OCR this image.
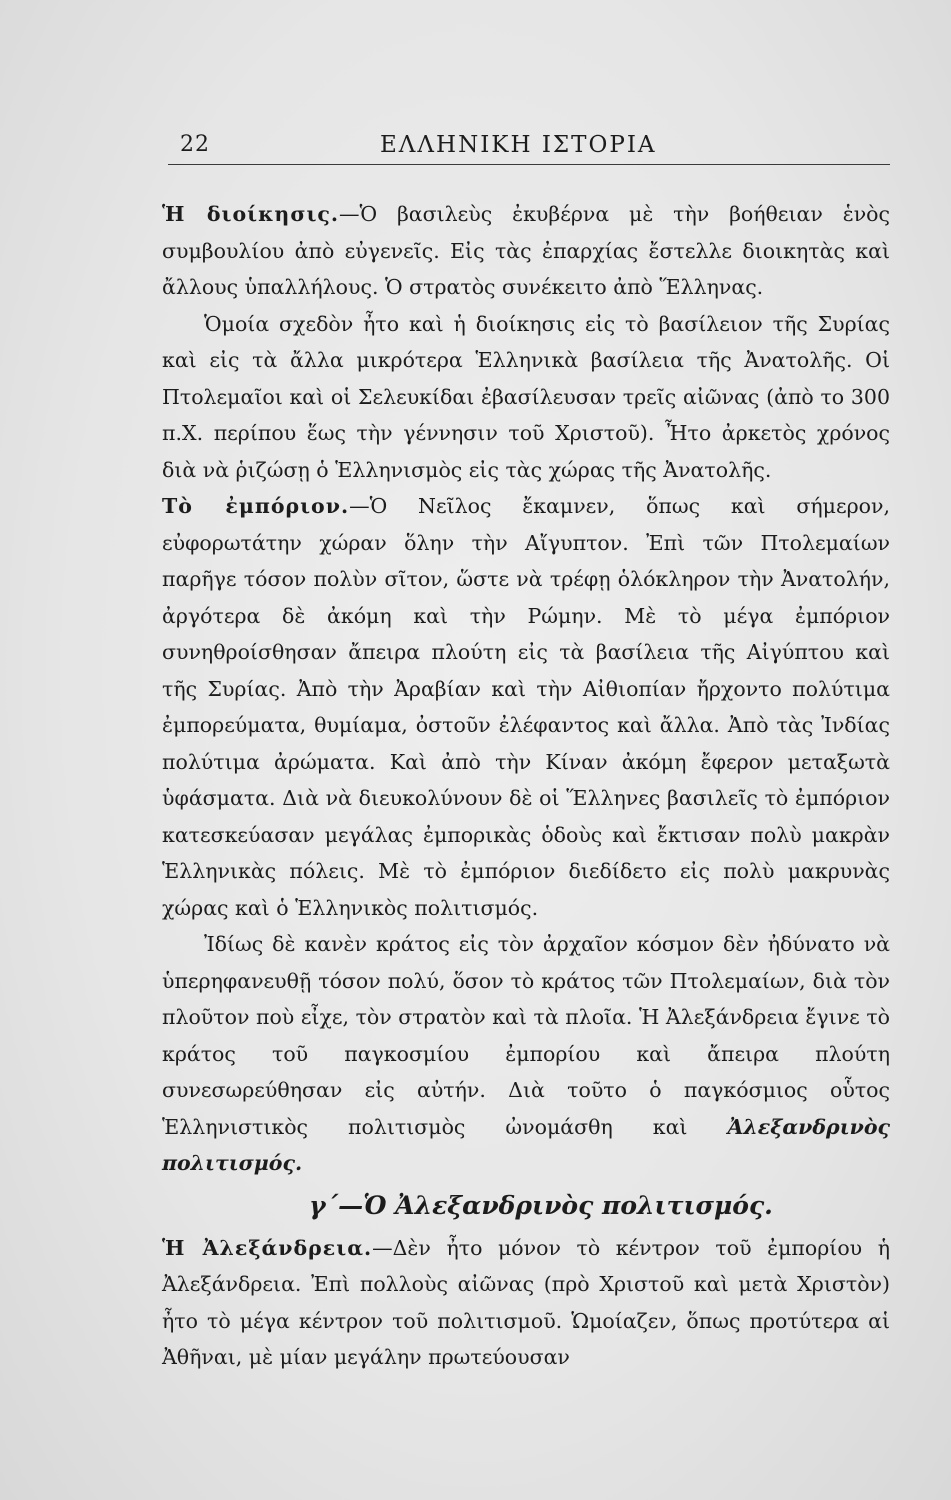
22	ΕΛΛΗΝΙΚΗ ΙΣΤΟΡΙΑ

Ἡ διοίκησις.—Ὁ βασιλεὺς ἐκυβέρνα μὲ τὴν βοήθειαν ἑνὸς συμβουλίου ἀπὸ εὐγενεῖς. Εἰς τὰς ἐπαρχίας ἔστελλε διοικητὰς καὶ ἄλλους ὑπαλλήλους. Ὁ στρατὸς συνέκειτο ἀπὸ Ἕλληνας.

Ὁμοία σχεδὸν ἦτο καὶ ἡ διοίκησις εἰς τὸ βασίλειον τῆς Συρίας καὶ εἰς τὰ ἄλλα μικρότερα Ἑλληνικὰ βασίλεια τῆς Ἀνατολῆς. Οἱ Πτολεμαῖοι καὶ οἱ Σελευκίδαι ἐβασίλευσαν τρεῖς αἰῶνας (ἀπὸ το 300 π.Χ. περίπου ἕως τὴν γέννησιν τοῦ Χριστοῦ). Ἦτο ἀρκετὸς χρόνος διὰ νὰ ῥιζώσῃ ὁ Ἑλληνισμὸς εἰς τὰς χώρας τῆς Ἀνατολῆς.

Τὸ ἐμπόριον.—Ὁ Νεῖλος ἔκαμνεν, ὅπως καὶ σήμερον, εὐφορωτάτην χώραν ὅλην τὴν Αἴγυπτον. Ἐπὶ τῶν Πτολεμαίων παρῆγε τόσον πολὺν σῖτον, ὥστε νὰ τρέφῃ ὁλόκληρον τὴν Ἀνατολήν, ἀργότερα δὲ ἀκόμη καὶ τὴν Ρώμην. Μὲ τὸ μέγα ἐμπόριον συνηθροίσθησαν ἄπειρα πλούτη εἰς τὰ βασίλεια τῆς Αἰγύπτου καὶ τῆς Συρίας. Ἀπὸ τὴν Ἀραβίαν καὶ τὴν Αἰθιοπίαν ἤρχοντο πολύτιμα ἐμπορεύματα, θυμίαμα, ὀστοῦν ἐλέφαντος καὶ ἄλλα. Ἀπὸ τὰς Ἰνδίας πολύτιμα ἀρώματα. Καὶ ἀπὸ τὴν Κίναν ἀκόμη ἔφερον μεταξωτὰ ὑφάσματα. Διὰ νὰ διευκολύνουν δὲ οἱ Ἕλληνες βασιλεῖς τὸ ἐμπόριον κατεσκεύασαν μεγάλας ἐμπορικὰς ὁδοὺς καὶ ἔκτισαν πολὺ μακρὰν Ἑλληνικὰς πόλεις. Μὲ τὸ ἐμπόριον διεδίδετο εἰς πολὺ μακρυνὰς χώρας καὶ ὁ Ἑλληνικὸς πολιτισμός.

Ἰδίως δὲ κανὲν κράτος εἰς τὸν ἀρχαῖον κόσμον δὲν ἠδύνατο νὰ ὑπερηφανευθῇ τόσον πολύ, ὅσον τὸ κράτος τῶν Πτολεμαίων, διὰ τὸν πλοῦτον ποὺ εἶχε, τὸν στρατὸν καὶ τὰ πλοῖα. Ἡ Ἀλεξάνδρεια ἔγινε τὸ κράτος τοῦ παγκοσμίου ἐμπορίου καὶ ἄπειρα πλούτη συνεσωρεύθησαν εἰς αὐτήν. Διὰ τοῦτο ὁ παγκόσμιος οὗτος Ἑλληνιστικὸς πολιτισμὸς ὠνομάσθη καὶ Ἀλεξανδρινὸς πολιτισμός.

γ΄—Ὁ Ἀλεξανδρινὸς πολιτισμός.

Ἡ Ἀλεξάνδρεια.—Δὲν ἦτο μόνον τὸ κέντρον τοῦ ἐμπορίου ἡ Ἀλεξάνδρεια. Ἐπὶ πολλοὺς αἰῶνας (πρὸ Χριστοῦ καὶ μετὰ Χριστὸν) ἦτο τὸ μέγα κέντρον τοῦ πολιτισμοῦ. Ὡμοίαζεν, ὅπως προτύτερα αἱ Ἀθῆναι, μὲ μίαν μεγάλην πρωτεύουσαν
